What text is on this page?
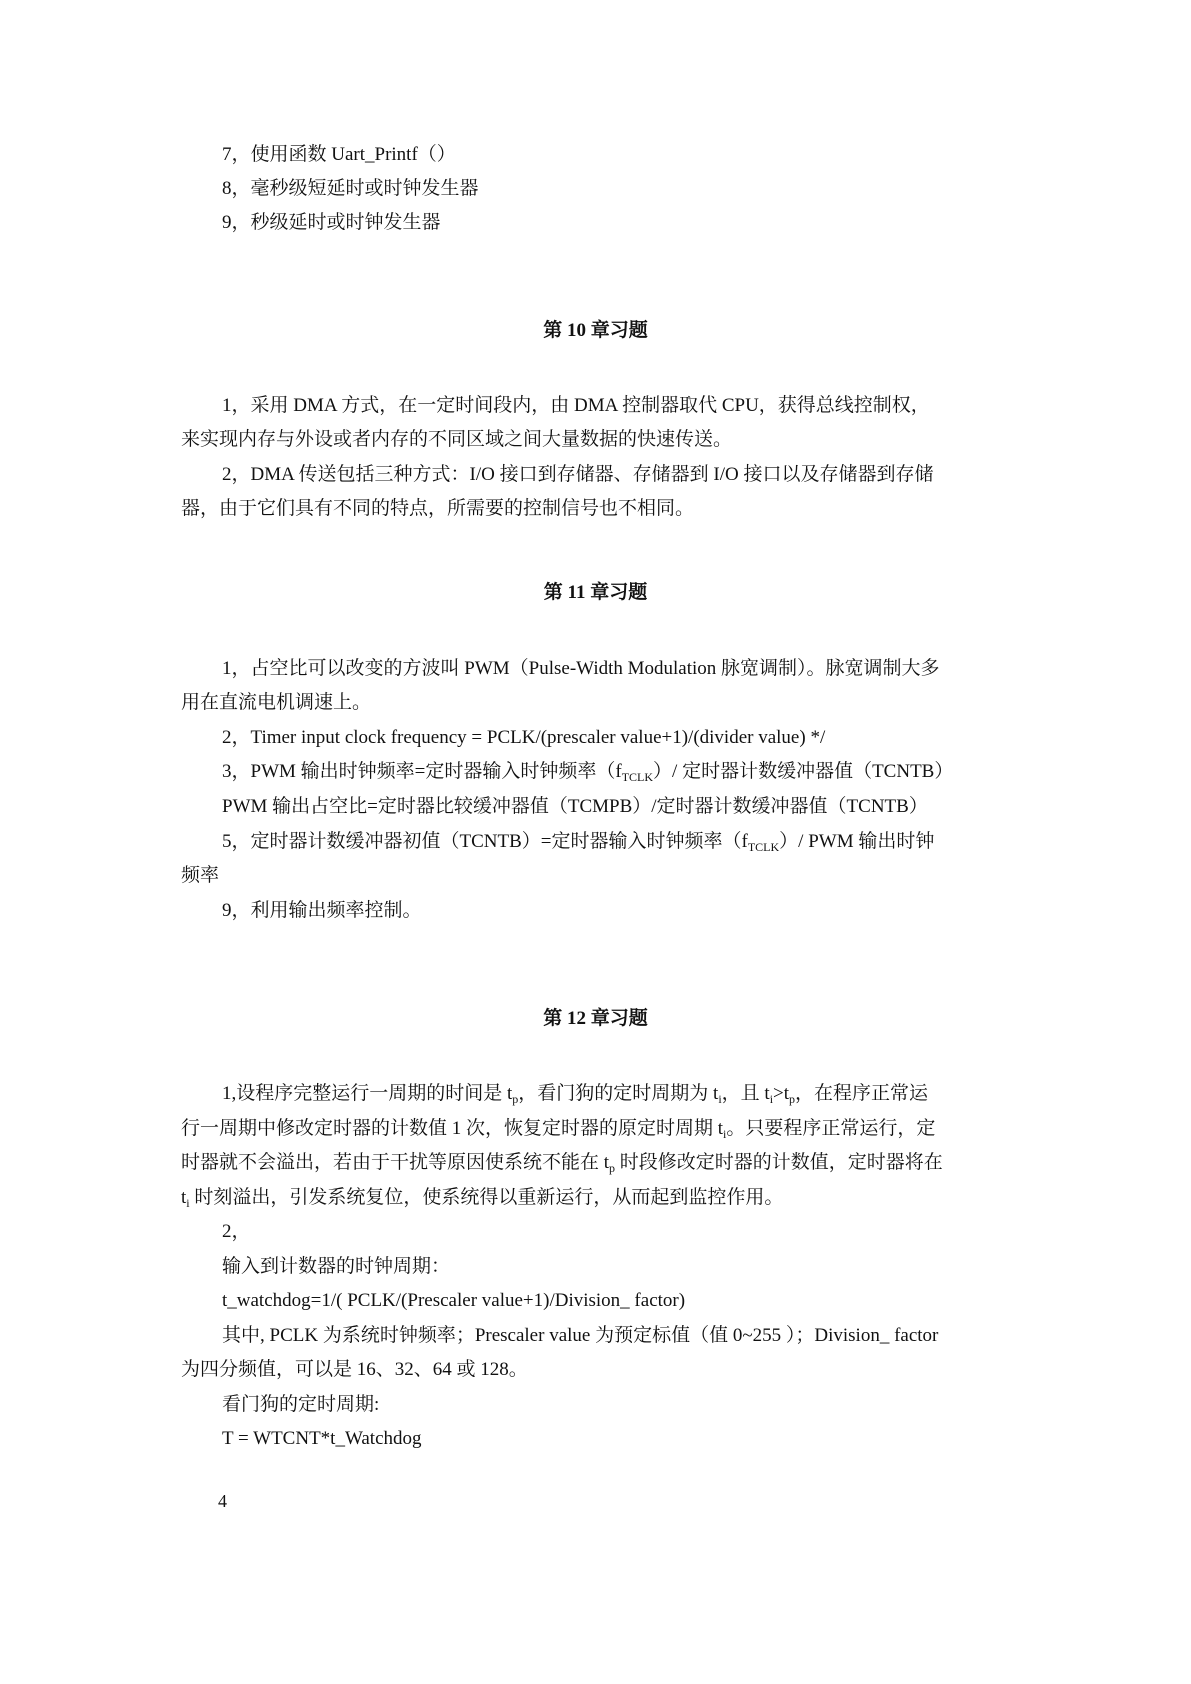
7，使用函数 Uart_Printf（）
8，毫秒级短延时或时钟发生器
9，秒级延时或时钟发生器
第 10 章习题
1，采用 DMA 方式，在一定时间段内，由 DMA 控制器取代 CPU，获得总线控制权，
来实现内存与外设或者内存的不同区域之间大量数据的快速传送。
2，DMA 传送包括三种方式：I/O 接口到存储器、存储器到 I/O 接口以及存储器到存储
器，由于它们具有不同的特点，所需要的控制信号也不相同。
第 11 章习题
1，占空比可以改变的方波叫 PWM（Pulse-Width Modulation 脉宽调制）。脉宽调制大多
用在直流电机调速上。
2，Timer input clock frequency = PCLK/(prescaler value+1)/(divider value) */
3，PWM 输出时钟频率=定时器输入时钟频率$(f_{TCLK})/$ 定时器计数缓冲器值（TCNTB）
PWM 输出占空比=定时器比较缓冲器值（TCMPB）/定时器计数缓冲器值（TCNTB）
5，定时器计数缓冲器初值（TCNTB）=定时器输入时钟频率$(f_{TCLK})/$ PWM 输出时钟
频率
9，利用输出频率控制。
第 12 章习题
1,设程序完整运行一周期的时间是 $t_p$，看门狗的定时周期为 $t_i$，且 $t_i>t_p$，在程序正常运
行一周期中修改定时器的计数值 1 次，恢复定时器的原定时周期 $t_i$。只要程序正常运行，定
时器就不会溢出，若由于干扰等原因使系统不能在 $t_p$ 时段修改定时器的计数值，定时器将在
$t_i$ 时刻溢出，引发系统复位，使系统得以重新运行，从而起到监控作用。
2，
输入到计数器的时钟周期：
t_watchdog=1/( PCLK/(Prescaler value+1)/Division_ factor)
其中, PCLK 为系统时钟频率；Prescaler value 为预定标值（值 0~255 ）；Division_ factor
为四分频值，可以是 16、32、64 或 128。
看门狗的定时周期:
T = WTCNT*t_Watchdog
4
